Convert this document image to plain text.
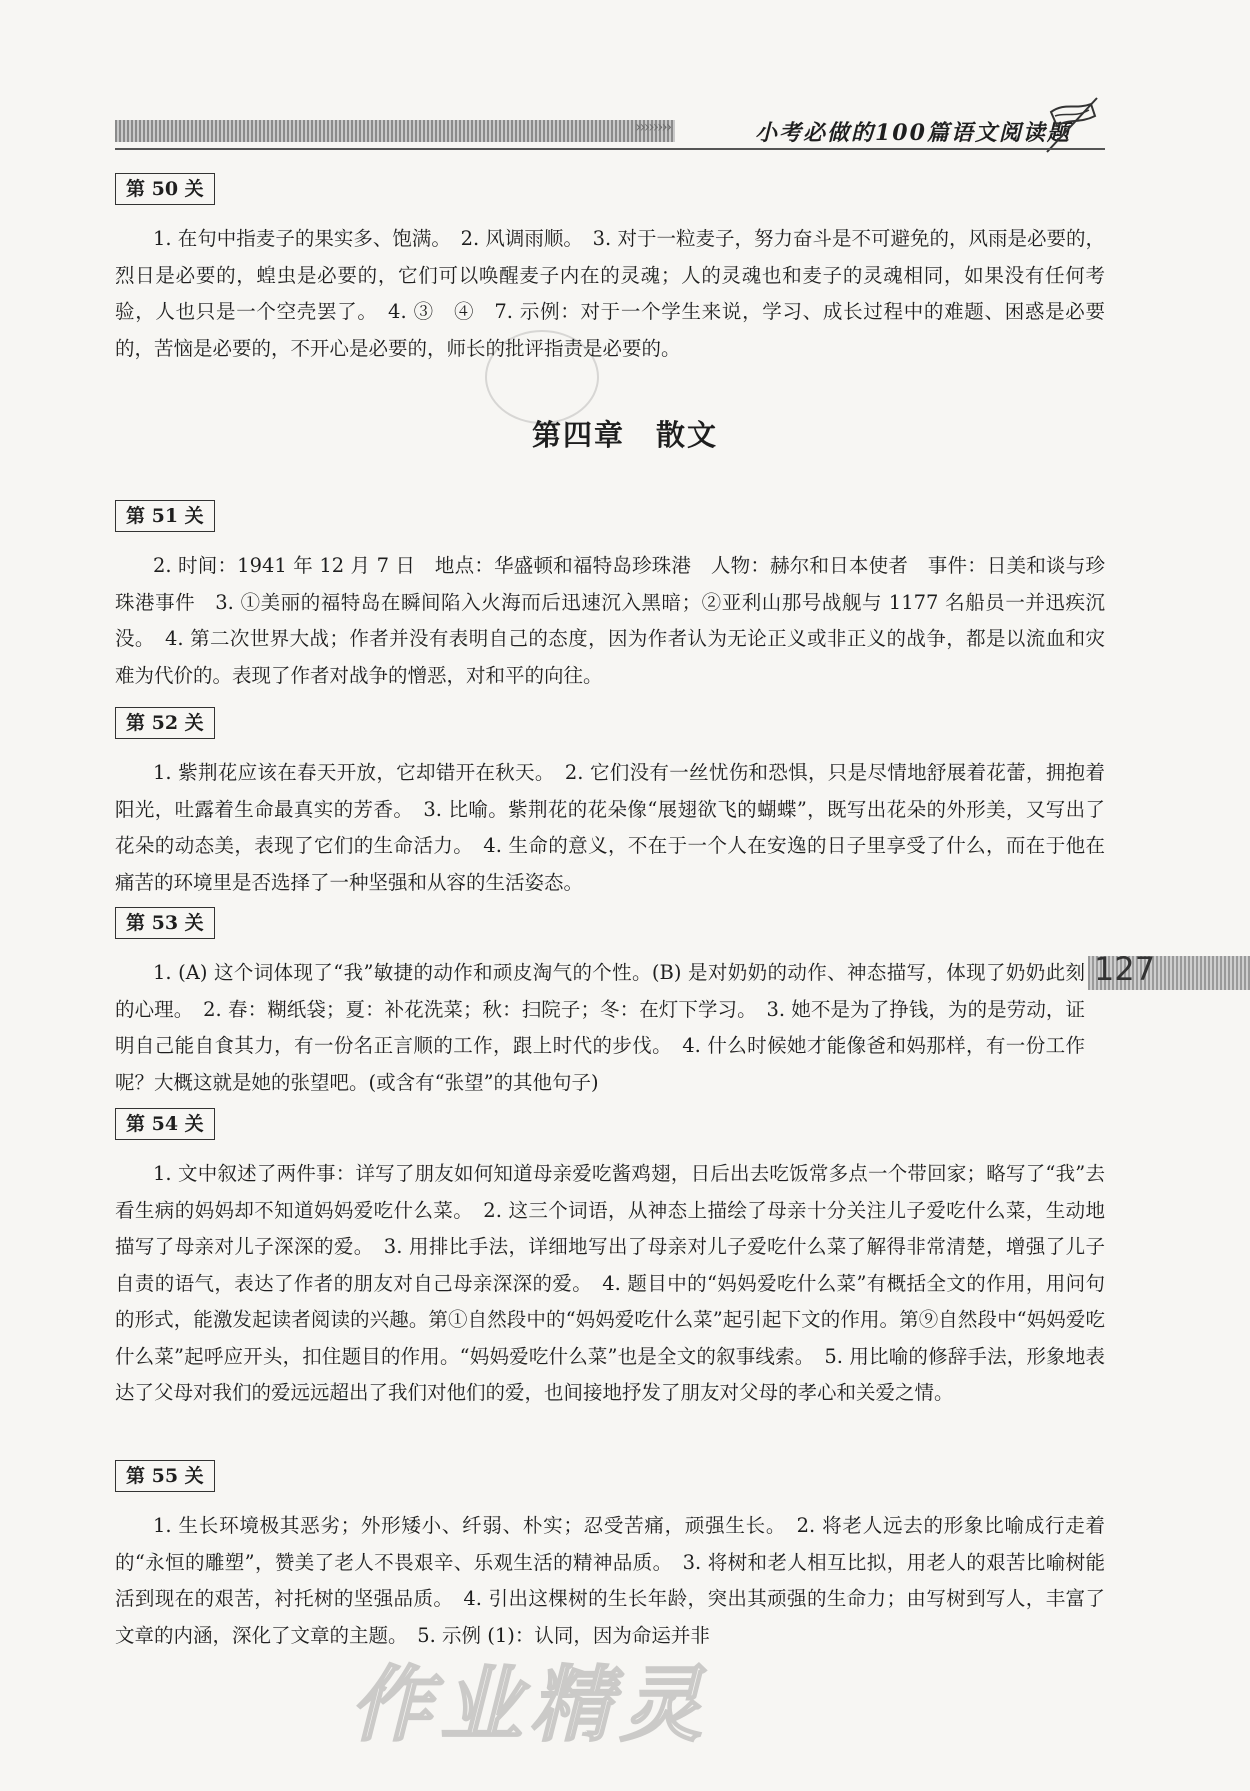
››››››››	小考必做的100篇语文阅读题
第 50 关

1. 在句中指麦子的果实多、饱满。　2. 风调雨顺。　3. 对于一粒麦子，努力奋斗是不可避免的，风雨是必要的，烈日是必要的，蝗虫是必要的，它们可以唤醒麦子内在的灵魂；人的灵魂也和麦子的灵魂相同，如果没有任何考验，人也只是一个空壳罢了。　4. ③　④　7. 示例：对于一个学生来说，学习、成长过程中的难题、困惑是必要的，苦恼是必要的，不开心是必要的，师长的批评指责是必要的。

第四章　散文
第 51 关

2. 时间：1941 年 12 月 7 日　地点：华盛顿和福特岛珍珠港　人物：赫尔和日本使者　事件：日美和谈与珍珠港事件　3. ①美丽的福特岛在瞬间陷入火海而后迅速沉入黑暗；②亚利山那号战舰与 1177 名船员一并迅疾沉没。　4. 第二次世界大战；作者并没有表明自己的态度，因为作者认为无论正义或非正义的战争，都是以流血和灾难为代价的。表现了作者对战争的憎恶，对和平的向往。

第 52 关

1. 紫荆花应该在春天开放，它却错开在秋天。　2. 它们没有一丝忧伤和恐惧，只是尽情地舒展着花蕾，拥抱着阳光，吐露着生命最真实的芳香。　3. 比喻。紫荆花的花朵像“展翅欲飞的蝴蝶”，既写出花朵的外形美，又写出了花朵的动态美，表现了它们的生命活力。　4. 生命的意义，不在于一个人在安逸的日子里享受了什么，而在于他在痛苦的环境里是否选择了一种坚强和从容的生活姿态。

第 53 关

1. (A) 这个词体现了“我”敏捷的动作和顽皮淘气的个性。(B) 是对奶奶的动作、神态描写，体现了奶奶此刻的心理。　2. 春：糊纸袋；夏：补花洗菜；秋：扫院子；冬：在灯下学习。　3. 她不是为了挣钱，为的是劳动，证明自己能自食其力，有一份名正言顺的工作，跟上时代的步伐。　4. 什么时候她才能像爸和妈那样，有一份工作呢？大概这就是她的张望吧。(或含有“张望”的其他句子)

127
第 54 关

1. 文中叙述了两件事：详写了朋友如何知道母亲爱吃酱鸡翅，日后出去吃饭常多点一个带回家；略写了“我”去看生病的妈妈却不知道妈妈爱吃什么菜。　2. 这三个词语，从神态上描绘了母亲十分关注儿子爱吃什么菜，生动地描写了母亲对儿子深深的爱。　3. 用排比手法，详细地写出了母亲对儿子爱吃什么菜了解得非常清楚，增强了儿子自责的语气，表达了作者的朋友对自己母亲深深的爱。　4. 题目中的“妈妈爱吃什么菜”有概括全文的作用，用问句的形式，能激发起读者阅读的兴趣。第①自然段中的“妈妈爱吃什么菜”起引起下文的作用。第⑨自然段中“妈妈爱吃什么菜”起呼应开头，扣住题目的作用。“妈妈爱吃什么菜”也是全文的叙事线索。　5. 用比喻的修辞手法，形象地表达了父母对我们的爱远远超出了我们对他们的爱，也间接地抒发了朋友对父母的孝心和关爱之情。

第 55 关

1. 生长环境极其恶劣；外形矮小、纤弱、朴实；忍受苦痛，顽强生长。　2. 将老人远去的形象比喻成行走着的“永恒的雕塑”，赞美了老人不畏艰辛、乐观生活的精神品质。　3. 将树和老人相互比拟，用老人的艰苦比喻树能活到现在的艰苦，衬托树的坚强品质。　4. 引出这棵树的生长年龄，突出其顽强的生命力；由写树到写人，丰富了文章的内涵，深化了文章的主题。　5. 示例 (1)：认同，因为命运并非

作业精灵
